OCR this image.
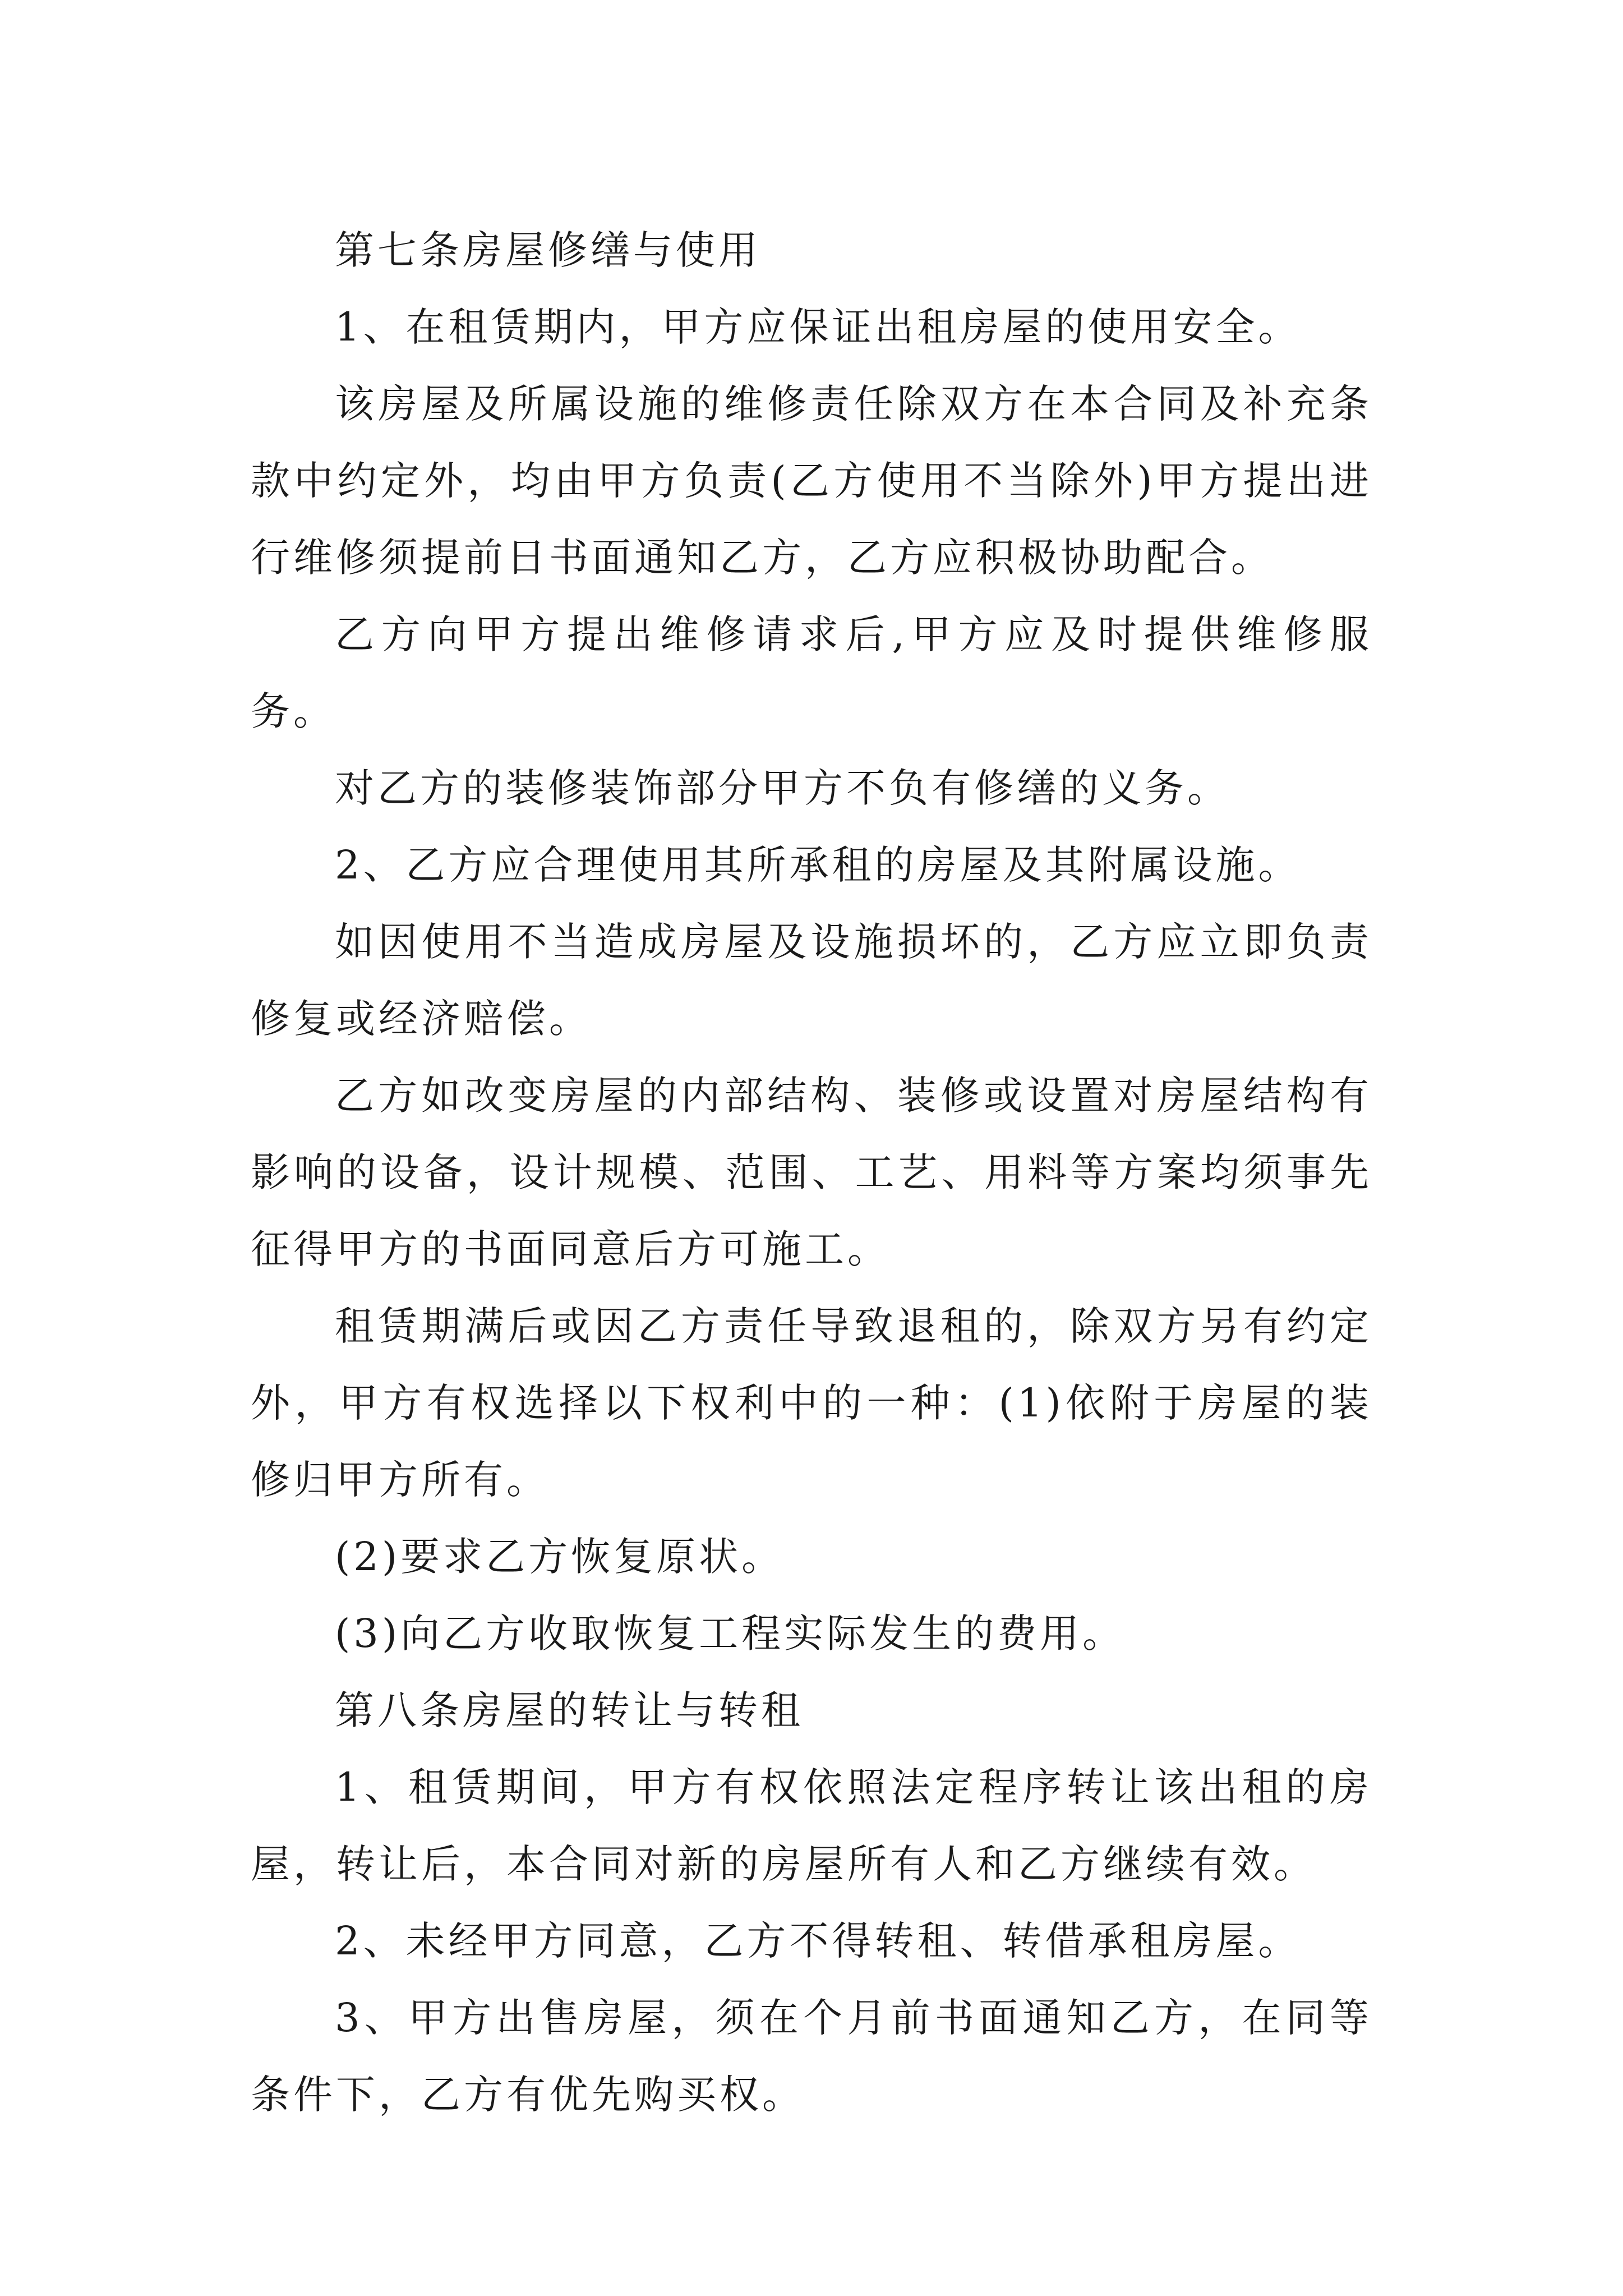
第七条房屋修缮与使用

1、在租赁期内，甲方应保证出租房屋的使用安全。

该房屋及所属设施的维修责任除双方在本合同及补充条款中约定外，均由甲方负责(乙方使用不当除外)甲方提出进行维修须提前日书面通知乙方，乙方应积极协助配合。

乙方向甲方提出维修请求后,甲方应及时提供维修服务。

对乙方的装修装饰部分甲方不负有修缮的义务。

2、乙方应合理使用其所承租的房屋及其附属设施。

如因使用不当造成房屋及设施损坏的，乙方应立即负责修复或经济赔偿。

乙方如改变房屋的内部结构、装修或设置对房屋结构有影响的设备，设计规模、范围、工艺、用料等方案均须事先征得甲方的书面同意后方可施工。

租赁期满后或因乙方责任导致退租的，除双方另有约定外，甲方有权选择以下权利中的一种：(1)依附于房屋的装修归甲方所有。

(2)要求乙方恢复原状。

(3)向乙方收取恢复工程实际发生的费用。

第八条房屋的转让与转租

1、租赁期间，甲方有权依照法定程序转让该出租的房屋，转让后，本合同对新的房屋所有人和乙方继续有效。

2、未经甲方同意，乙方不得转租、转借承租房屋。

3、甲方出售房屋，须在个月前书面通知乙方，在同等条件下，乙方有优先购买权。
